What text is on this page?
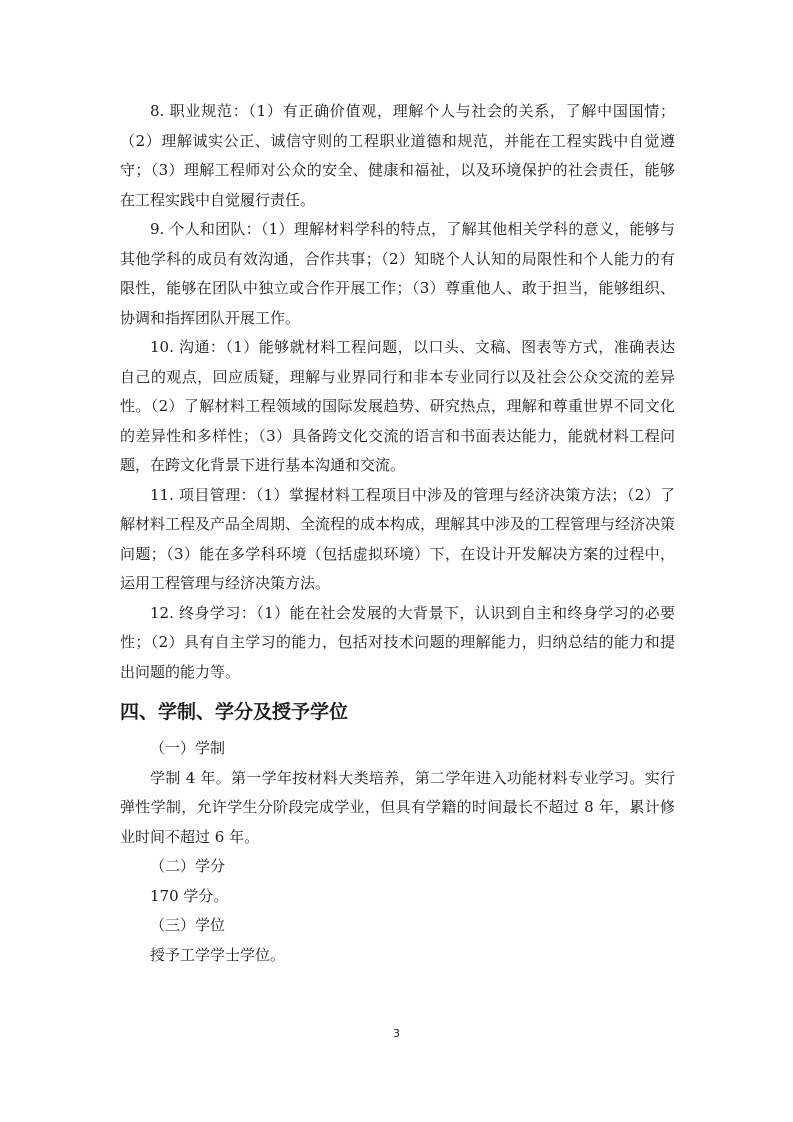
8. 职业规范：（1）有正确价值观，理解个人与社会的关系，了解中国国情；（2）理解诚实公正、诚信守则的工程职业道德和规范，并能在工程实践中自觉遵守；（3）理解工程师对公众的安全、健康和福祉，以及环境保护的社会责任，能够在工程实践中自觉履行责任。

9. 个人和团队：（1）理解材料学科的特点，了解其他相关学科的意义，能够与其他学科的成员有效沟通，合作共事；（2）知晓个人认知的局限性和个人能力的有限性，能够在团队中独立或合作开展工作；（3）尊重他人、敢于担当，能够组织、协调和指挥团队开展工作。

10. 沟通：（1）能够就材料工程问题，以口头、文稿、图表等方式，准确表达自己的观点，回应质疑，理解与业界同行和非本专业同行以及社会公众交流的差异性。（2）了解材料工程领域的国际发展趋势、研究热点，理解和尊重世界不同文化的差异性和多样性；（3）具备跨文化交流的语言和书面表达能力，能就材料工程问题，在跨文化背景下进行基本沟通和交流。

11. 项目管理：（1）掌握材料工程项目中涉及的管理与经济决策方法；（2）了解材料工程及产品全周期、全流程的成本构成，理解其中涉及的工程管理与经济决策问题；（3）能在多学科环境（包括虚拟环境）下，在设计开发解决方案的过程中，运用工程管理与经济决策方法。

12. 终身学习：（1）能在社会发展的大背景下，认识到自主和终身学习的必要性；（2）具有自主学习的能力，包括对技术问题的理解能力，归纳总结的能力和提出问题的能力等。

四、学制、学分及授予学位

（一）学制

学制 4 年。第一学年按材料大类培养，第二学年进入功能材料专业学习。实行弹性学制，允许学生分阶段完成学业，但具有学籍的时间最长不超过 8 年，累计修业时间不超过 6 年。

（二）学分

170 学分。

（三）学位

授予工学学士学位。

3
